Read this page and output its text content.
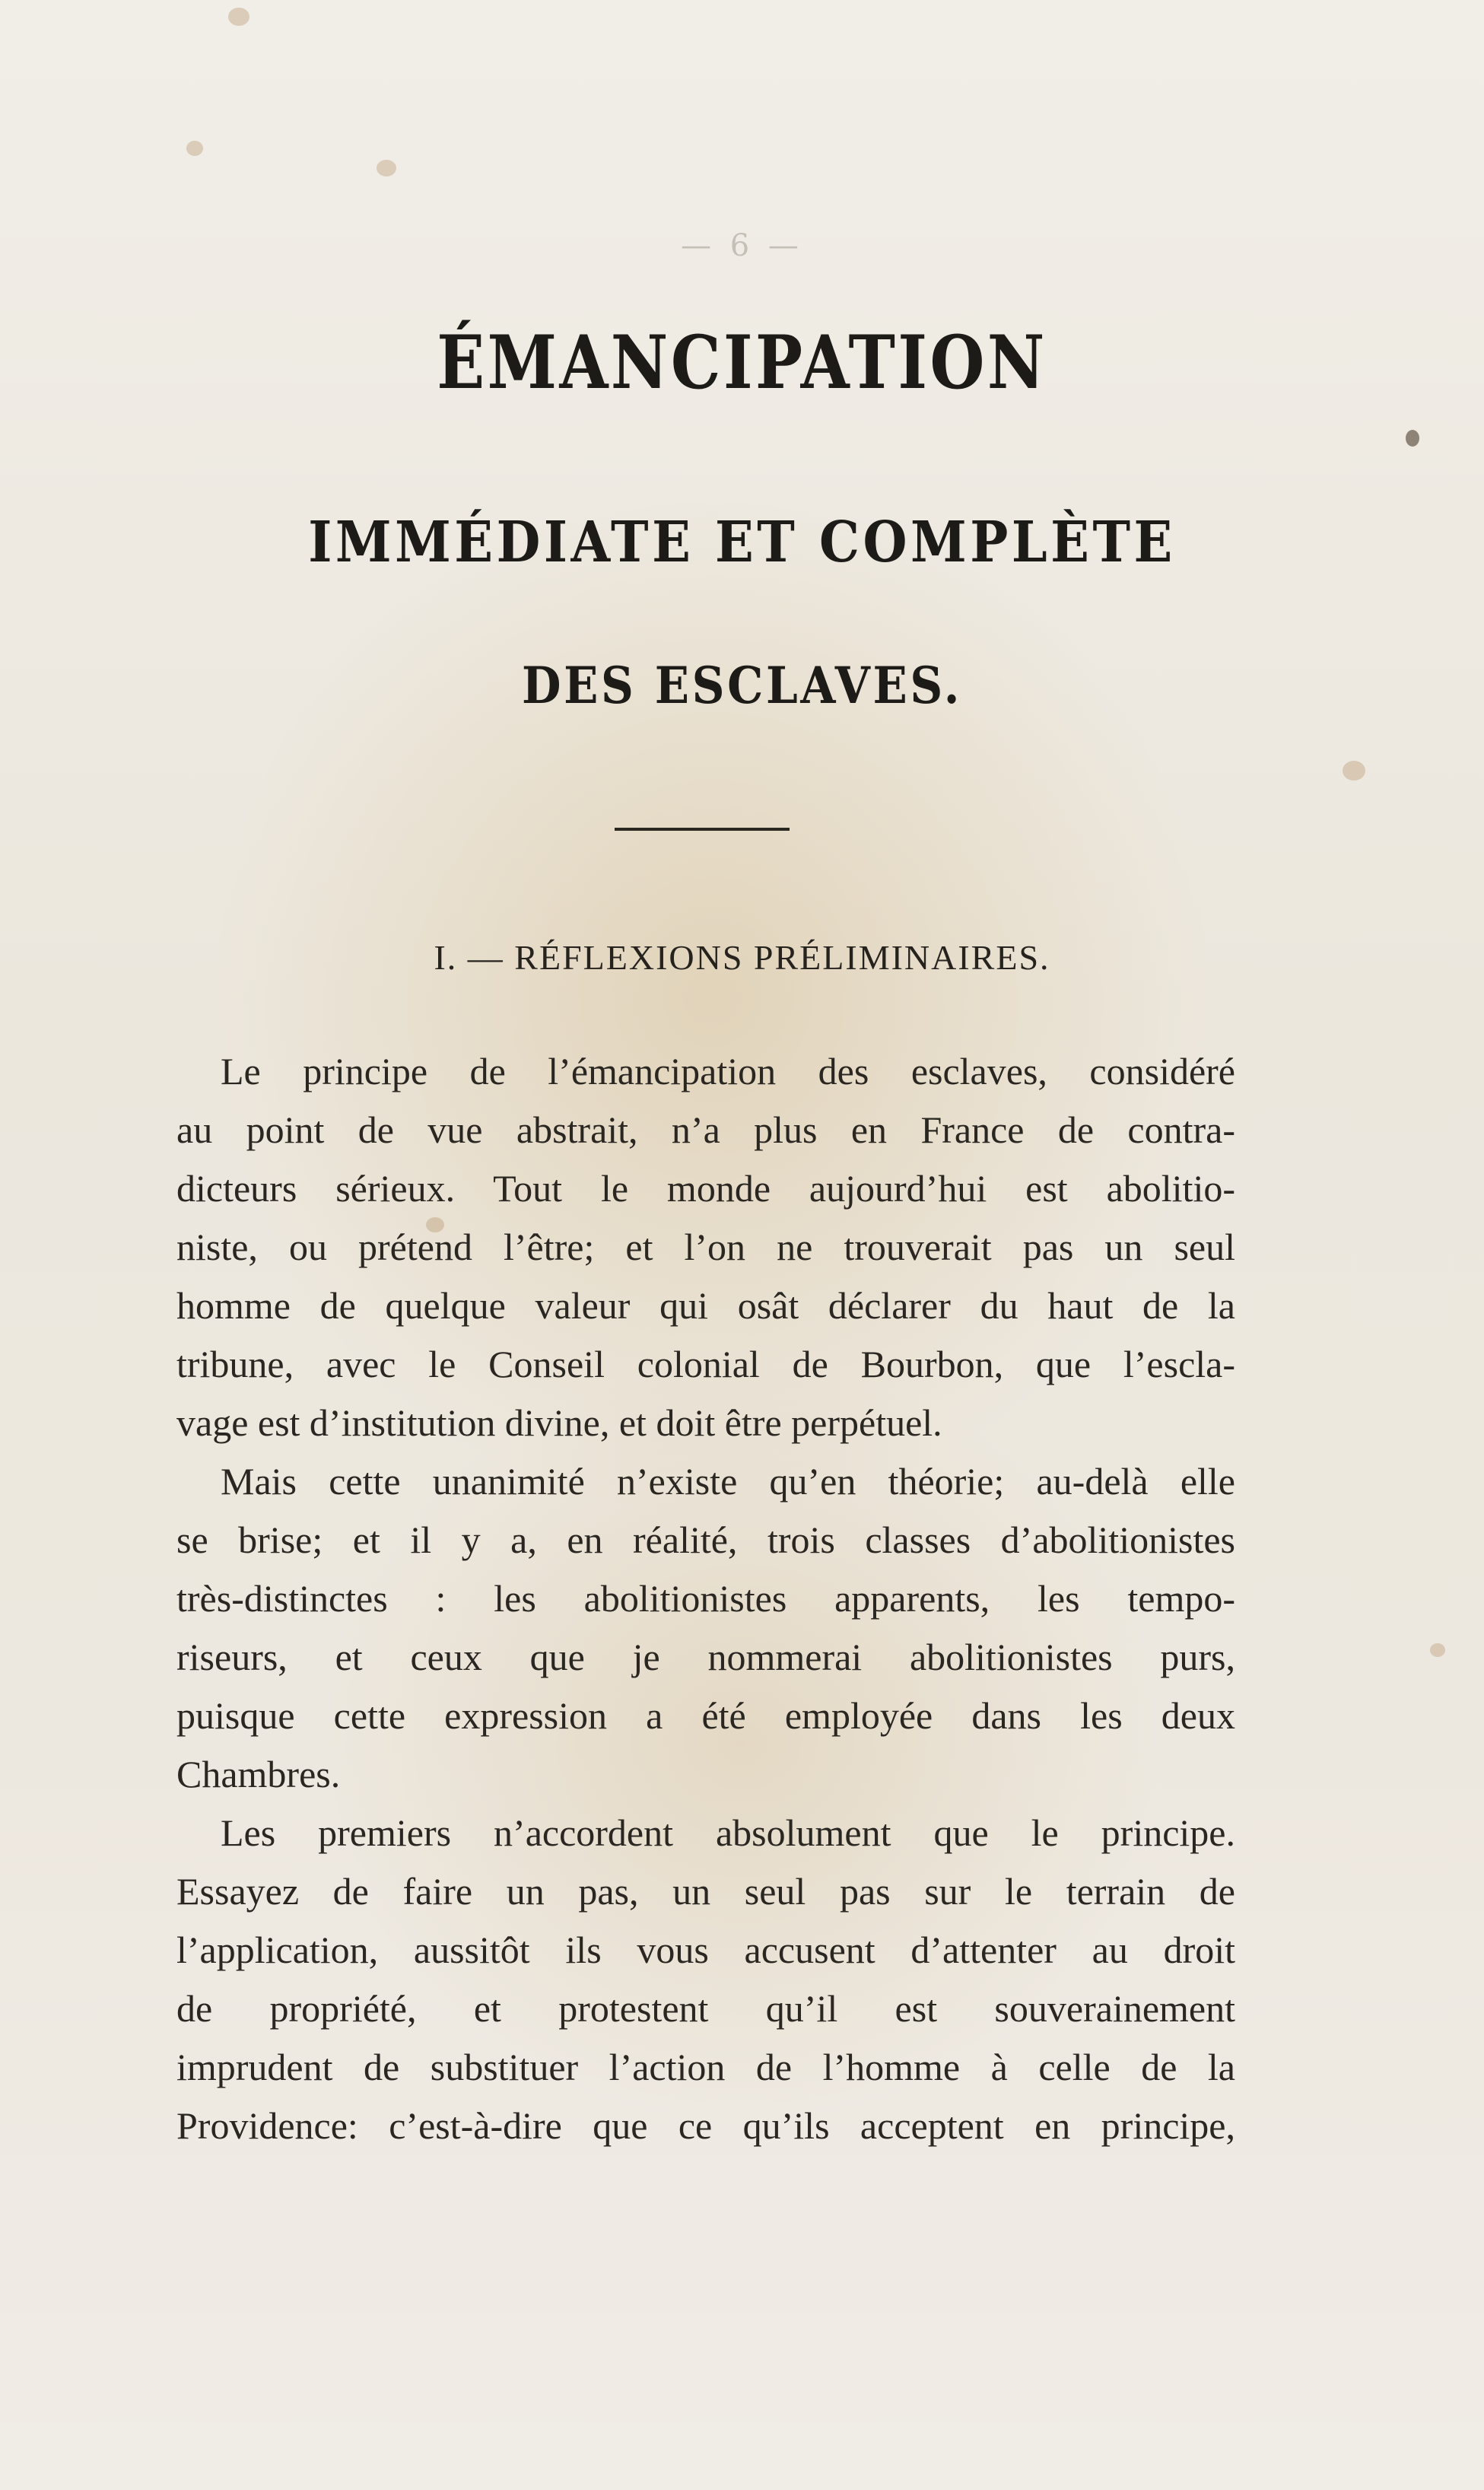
— 6 —
ÉMANCIPATION
IMMÉDIATE ET COMPLÈTE
DES ESCLAVES.
I. — RÉFLEXIONS PRÉLIMINAIRES.
Le principe de l’émancipation des esclaves, considéré
au point de vue abstrait, n’a plus en France de contra-
dicteurs sérieux. Tout le monde aujourd’hui est abolitio-
niste, ou prétend l’être; et l’on ne trouverait pas un seul
homme de quelque valeur qui osât déclarer du haut de la
tribune, avec le Conseil colonial de Bourbon, que l’escla-
vage est d’institution divine, et doit être perpétuel.
Mais cette unanimité n’existe qu’en théorie; au-delà elle
se brise; et il y a, en réalité, trois classes d’abolitionistes
très-distinctes : les abolitionistes apparents, les tempo-
riseurs, et ceux que je nommerai abolitionistes purs,
puisque cette expression a été employée dans les deux
Chambres.
Les premiers n’accordent absolument que le principe.
Essayez de faire un pas, un seul pas sur le terrain de
l’application, aussitôt ils vous accusent d’attenter au droit
de propriété, et protestent qu’il est souverainement
imprudent de substituer l’action de l’homme à celle de la
Providence: c’est-à-dire que ce qu’ils acceptent en principe,
